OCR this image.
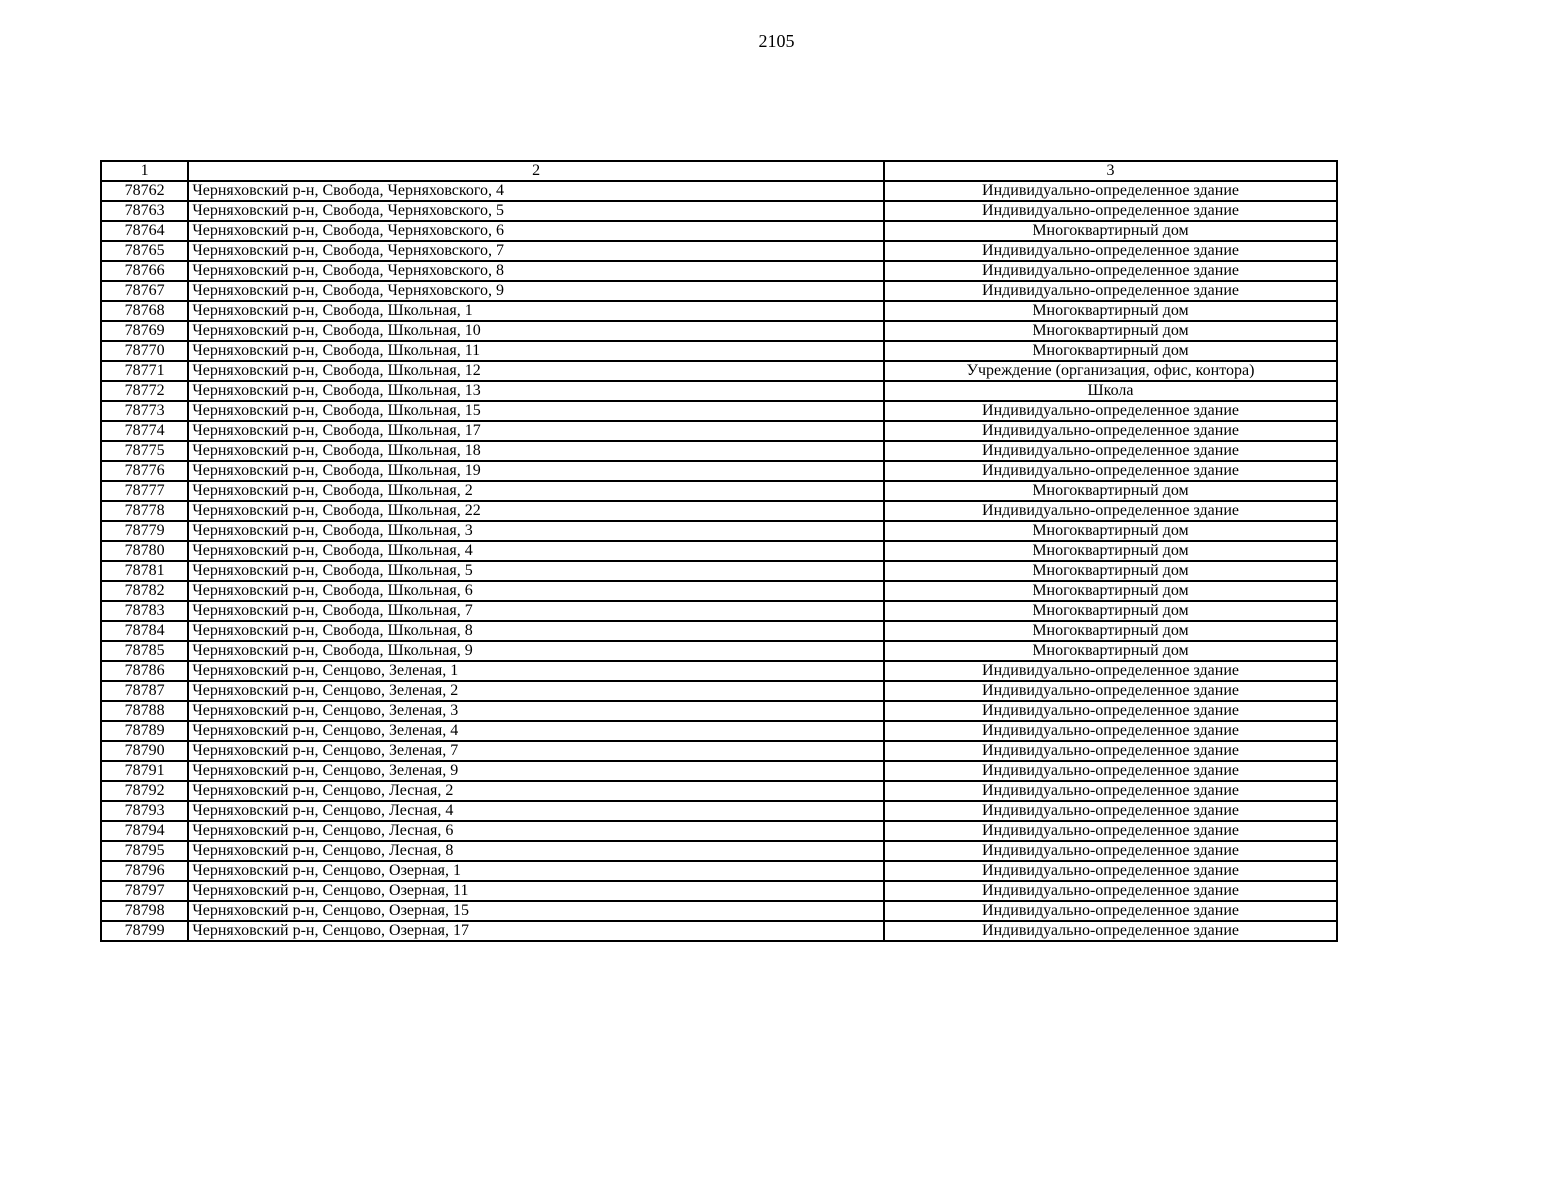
2105
1	2	3
78762	Черняховский р-н, Свобода, Черняховского, 4	Индивидуально-определенное здание
78763	Черняховский р-н, Свобода, Черняховского, 5	Индивидуально-определенное здание
78764	Черняховский р-н, Свобода, Черняховского, 6	Многоквартирный дом
78765	Черняховский р-н, Свобода, Черняховского, 7	Индивидуально-определенное здание
78766	Черняховский р-н, Свобода, Черняховского, 8	Индивидуально-определенное здание
78767	Черняховский р-н, Свобода, Черняховского, 9	Индивидуально-определенное здание
78768	Черняховский р-н, Свобода, Школьная, 1	Многоквартирный дом
78769	Черняховский р-н, Свобода, Школьная, 10	Многоквартирный дом
78770	Черняховский р-н, Свобода, Школьная, 11	Многоквартирный дом
78771	Черняховский р-н, Свобода, Школьная, 12	Учреждение (организация, офис, контора)
78772	Черняховский р-н, Свобода, Школьная, 13	Школа
78773	Черняховский р-н, Свобода, Школьная, 15	Индивидуально-определенное здание
78774	Черняховский р-н, Свобода, Школьная, 17	Индивидуально-определенное здание
78775	Черняховский р-н, Свобода, Школьная, 18	Индивидуально-определенное здание
78776	Черняховский р-н, Свобода, Школьная, 19	Индивидуально-определенное здание
78777	Черняховский р-н, Свобода, Школьная, 2	Многоквартирный дом
78778	Черняховский р-н, Свобода, Школьная, 22	Индивидуально-определенное здание
78779	Черняховский р-н, Свобода, Школьная, 3	Многоквартирный дом
78780	Черняховский р-н, Свобода, Школьная, 4	Многоквартирный дом
78781	Черняховский р-н, Свобода, Школьная, 5	Многоквартирный дом
78782	Черняховский р-н, Свобода, Школьная, 6	Многоквартирный дом
78783	Черняховский р-н, Свобода, Школьная, 7	Многоквартирный дом
78784	Черняховский р-н, Свобода, Школьная, 8	Многоквартирный дом
78785	Черняховский р-н, Свобода, Школьная, 9	Многоквартирный дом
78786	Черняховский р-н, Сенцово, Зеленая, 1	Индивидуально-определенное здание
78787	Черняховский р-н, Сенцово, Зеленая, 2	Индивидуально-определенное здание
78788	Черняховский р-н, Сенцово, Зеленая, 3	Индивидуально-определенное здание
78789	Черняховский р-н, Сенцово, Зеленая, 4	Индивидуально-определенное здание
78790	Черняховский р-н, Сенцово, Зеленая, 7	Индивидуально-определенное здание
78791	Черняховский р-н, Сенцово, Зеленая, 9	Индивидуально-определенное здание
78792	Черняховский р-н, Сенцово, Лесная, 2	Индивидуально-определенное здание
78793	Черняховский р-н, Сенцово, Лесная, 4	Индивидуально-определенное здание
78794	Черняховский р-н, Сенцово, Лесная, 6	Индивидуально-определенное здание
78795	Черняховский р-н, Сенцово, Лесная, 8	Индивидуально-определенное здание
78796	Черняховский р-н, Сенцово, Озерная, 1	Индивидуально-определенное здание
78797	Черняховский р-н, Сенцово, Озерная, 11	Индивидуально-определенное здание
78798	Черняховский р-н, Сенцово, Озерная, 15	Индивидуально-определенное здание
78799	Черняховский р-н, Сенцово, Озерная, 17	Индивидуально-определенное здание
